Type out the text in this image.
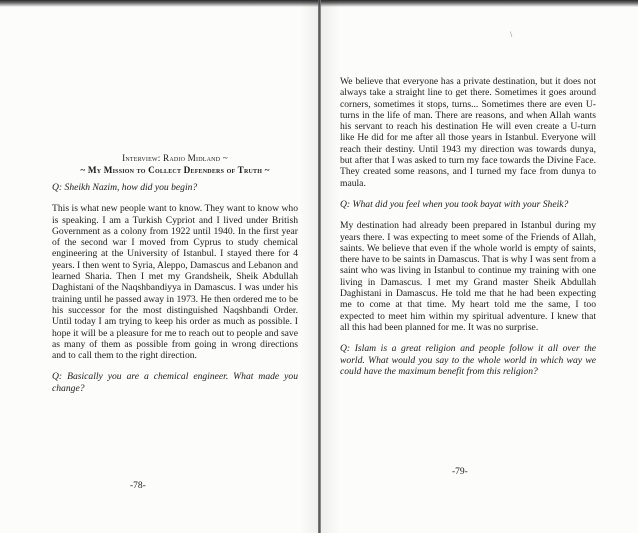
\
Interview: Radio Midland ~
~ My Mission to Collect Defenders of Truth ~

Q: Sheikh Nazim, how did you begin?

This is what new people want to know. They want to know who is speaking. I am a Turkish Cypriot and I lived under British Government as a colony from 1922 until 1940. In the first year of the second war I moved from Cyprus to study chemical engineering at the University of Istanbul. I stayed there for 4 years. I then went to Syria, Aleppo, Damascus and Lebanon and learned Sharia. Then I met my Grandsheik, Sheik Abdullah Daghistani of the Naqshbandiyya in Damascus. I was under his training until he passed away in 1973. He then ordered me to be his successor for the most distinguished Naqshbandi Order. Until today I am trying to keep his order as much as possible. I hope it will be a pleasure for me to reach out to people and save as many of them as possible from going in wrong directions and to call them to the right direction.

Q: Basically you are a chemical engineer. What made you change?

-78-

We believe that everyone has a private destination, but it does not always take a straight line to get there. Sometimes it goes around corners, sometimes it stops, turns... Sometimes there are even U-turns in the life of man. There are reasons, and when Allah wants his servant to reach his destination He will even create a U-turn like He did for me after all those years in Istanbul. Everyone will reach their destiny. Until 1943 my direction was towards dunya, but after that I was asked to turn my face towards the Divine Face. They created some reasons, and I turned my face from dunya to maula.

Q: What did you feel when you took bayat with your Sheik?

My destination had already been prepared in Istanbul during my years there. I was expecting to meet some of the Friends of Allah, saints. We believe that even if the whole world is empty of saints, there have to be saints in Damascus. That is why I was sent from a saint who was living in Istanbul to continue my training with one living in Damascus. I met my Grand master Sheik Abdullah Daghistani in Damascus. He told me that he had been expecting me to come at that time. My heart told me the same, I too expected to meet him within my spiritual adventure. I knew that all this had been planned for me. It was no surprise.

Q: Islam is a great religion and people follow it all over the world. What would you say to the whole world in which way we could have the maximum benefit from this religion?

-79-
